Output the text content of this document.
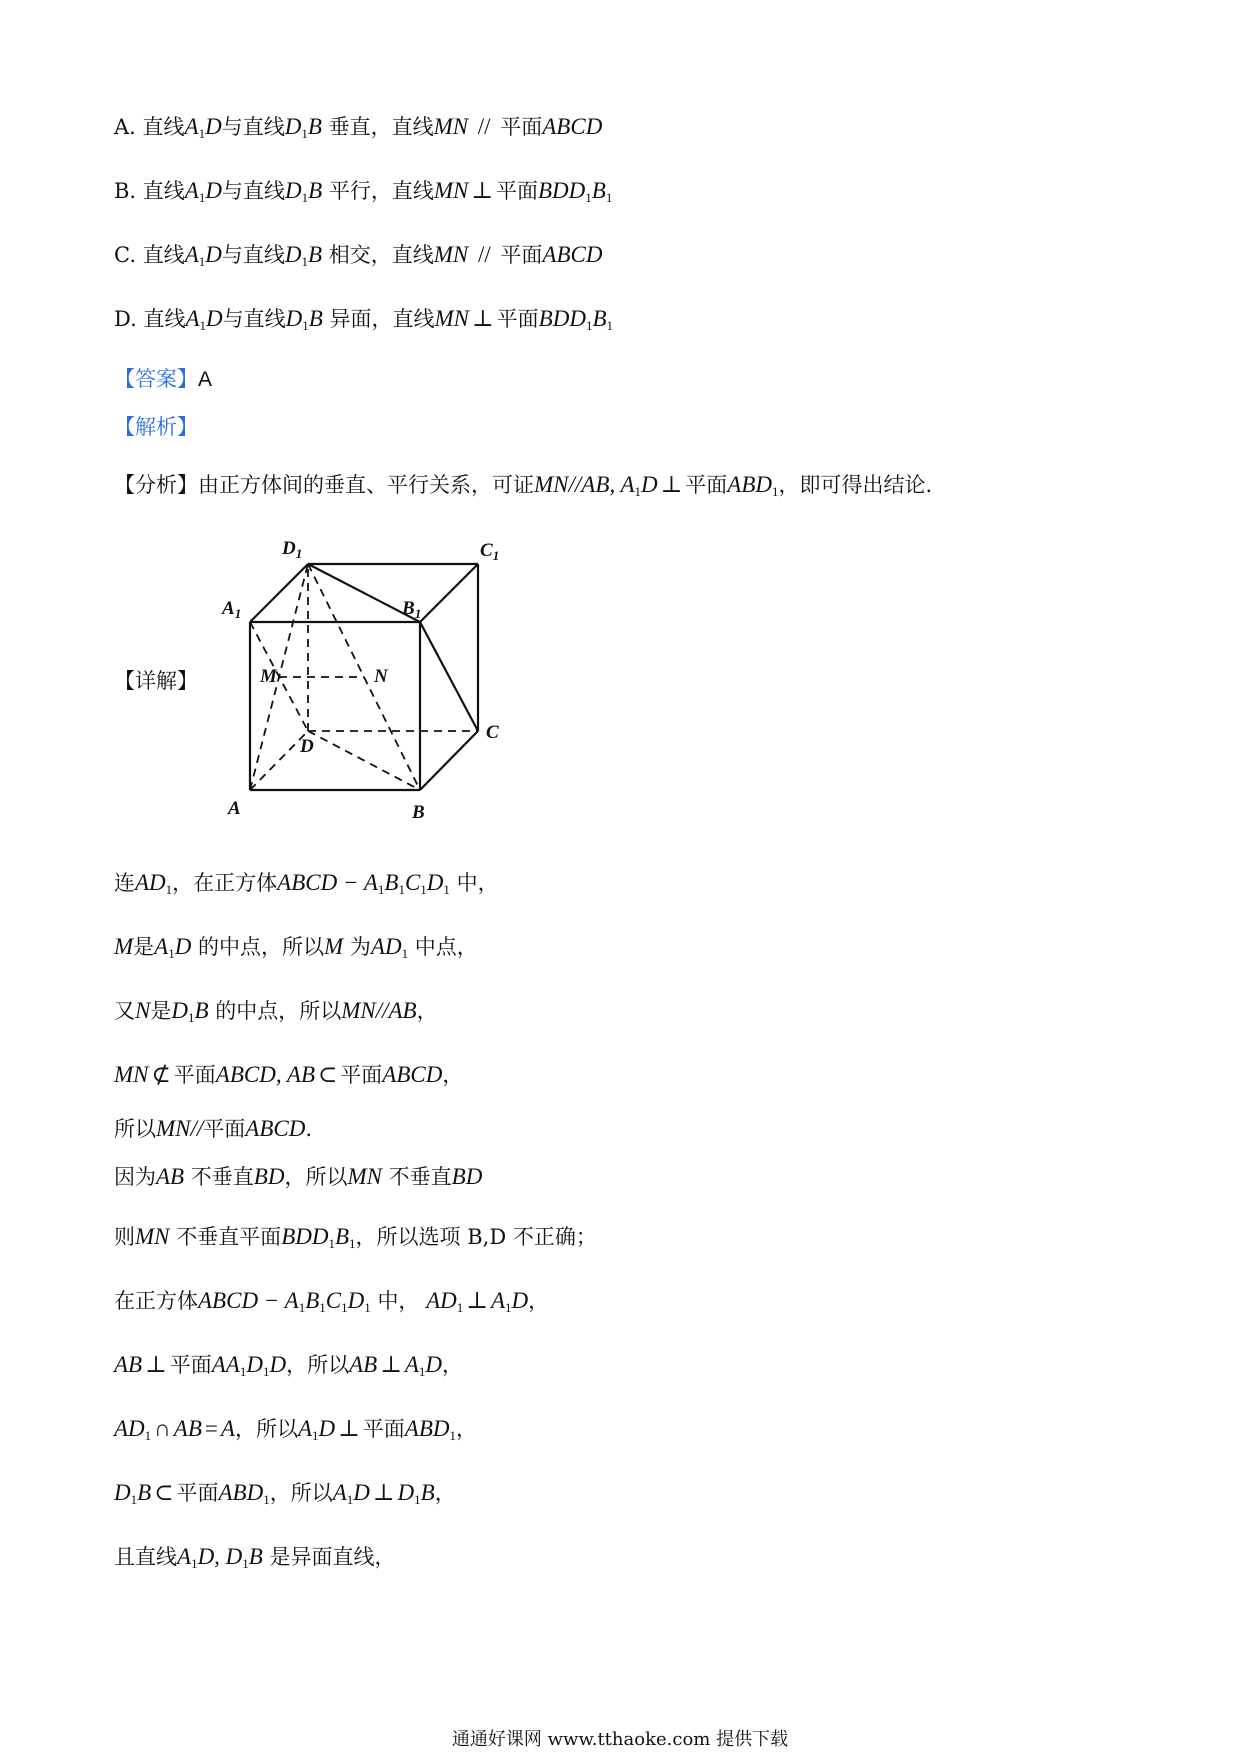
A. 直线A1D与直线D1B 垂直，直线MN // 平面ABCD
B. 直线A1D与直线D1B 平行，直线MN ⊥ 平面BDD1B1
C. 直线A1D与直线D1B 相交，直线MN // 平面ABCD
D. 直线A1D与直线D1B 异面，直线MN ⊥ 平面BDD1B1
【答案】A
【解析】
【分析】由正方体间的垂直、平行关系，可证MN//AB, A1D ⊥ 平面ABD1，即可得出结论.
【详解】
$D_1$	$C_1$
$A_1$	$B_1$
M	N
D
C
A	B
连AD1，在正方体ABCD − A1B1C1D1 中，
M是A1D 的中点，所以M 为AD1 中点，
又N是D1B 的中点，所以MN//AB，
MN ⊄ 平面ABCD, AB ⊂ 平面ABCD，
所以MN//平面ABCD.
因为AB 不垂直BD，所以MN 不垂直BD
则MN 不垂直平面BDD1B1，所以选项 B,D 不正确；
在正方体ABCD − A1B1C1D1 中， AD1 ⊥ A1D，
AB ⊥ 平面AA1D1D，所以AB ⊥ A1D，
AD1 ∩ AB = A，所以A1D ⊥ 平面ABD1，
D1B ⊂ 平面ABD1，所以A1D ⊥ D1B，
且直线A1D, D1B 是异面直线，
通通好课网 www.tthaoke.com 提供下载
